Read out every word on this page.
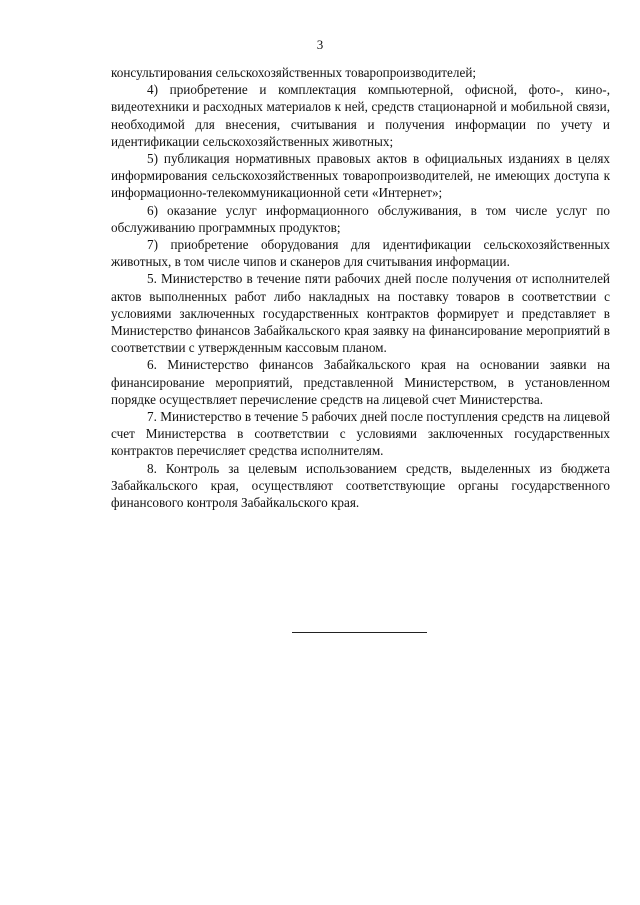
3

консультирования сельскохозяйственных товаропроизводителей;

4) приобретение и комплектация компьютерной, офисной, фото-, кино-, видеотехники и расходных материалов к ней, средств стационарной и мобильной связи, необходимой для внесения, считывания и получения информации по учету и идентификации сельскохозяйственных животных;

5) публикация нормативных правовых актов в официальных изданиях в целях информирования сельскохозяйственных товаропроизводителей, не имеющих доступа к информационно-телекоммуникационной сети «Интернет»;

6) оказание услуг информационного обслуживания, в том числе услуг по обслуживанию программных продуктов;

7) приобретение оборудования для идентификации сельскохозяйственных животных, в том числе чипов и сканеров для считывания информации.

5. Министерство в течение пяти рабочих дней после получения от исполнителей актов выполненных работ либо накладных на поставку товаров в соответствии с условиями заключенных государственных контрактов формирует и представляет в Министерство финансов Забайкальского края заявку на финансирование мероприятий в соответствии с утвержденным кассовым планом.

6. Министерство финансов Забайкальского края на основании заявки на финансирование мероприятий, представленной Министерством, в установленном порядке осуществляет перечисление средств на лицевой счет Министерства.

7. Министерство в течение 5 рабочих дней после поступления средств на лицевой счет Министерства в соответствии с условиями заключенных государственных контрактов перечисляет средства исполнителям.

8. Контроль за целевым использованием средств, выделенных из бюджета Забайкальского края, осуществляют соответствующие органы государственного финансового контроля Забайкальского края.
